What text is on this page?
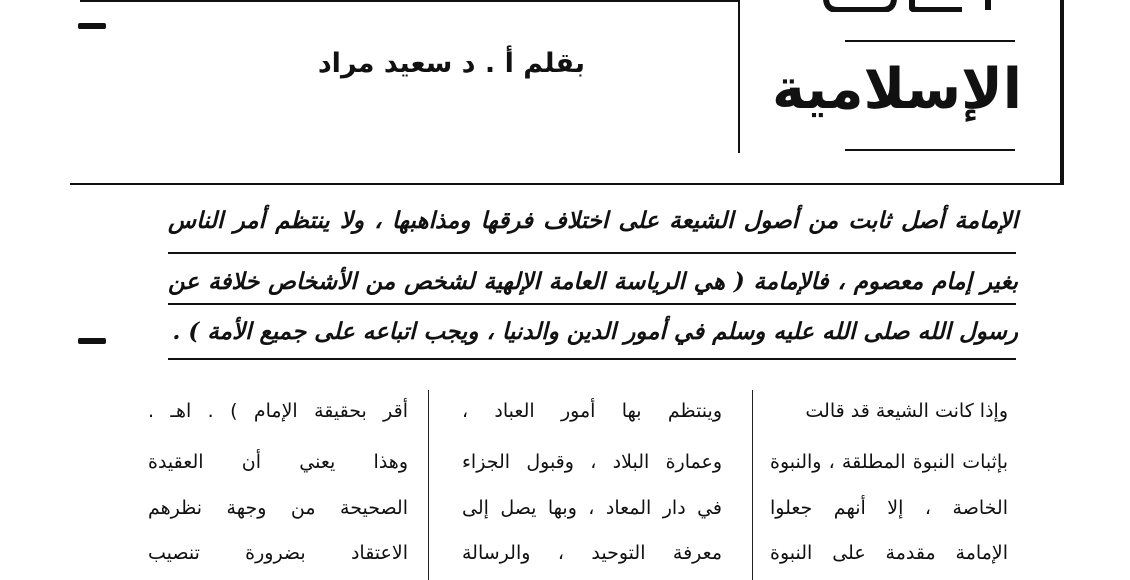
بقلم أ . د سعيد مراد	الإسلامية
الإمامة أصل ثابت من أصول الشيعة على اختلاف فرقها ومذاهبها ، ولا ينتظم أمر الناس
بغير إمام معصوم ، فالإمامة ( هي الرياسة العامة الإلهية لشخص من الأشخاص خلافة عن
رسول الله صلى الله عليه وسلم في أمور الدين والدنيا ، ويجب اتباعه على جميع الأمة ) .
وإذا كانت الشيعة قد قالت
بإثبات النبوة المطلقة ، والنبوة
الخاصة ، إلا أنهم جعلوا
الإمامة مقدمة على النبوة
وينتظم بها أمور العباد ،
وعمارة البلاد ، وقبول الجزاء
في دار المعاد ، وبها يصل إلى
معرفة التوحيد ، والرسالة
أقر بحقيقة الإمام ) . اهـ .
وهذا يعني أن العقيدة
الصحيحة من وجهة نظرهم
الاعتقاد بضرورة تنصيب
